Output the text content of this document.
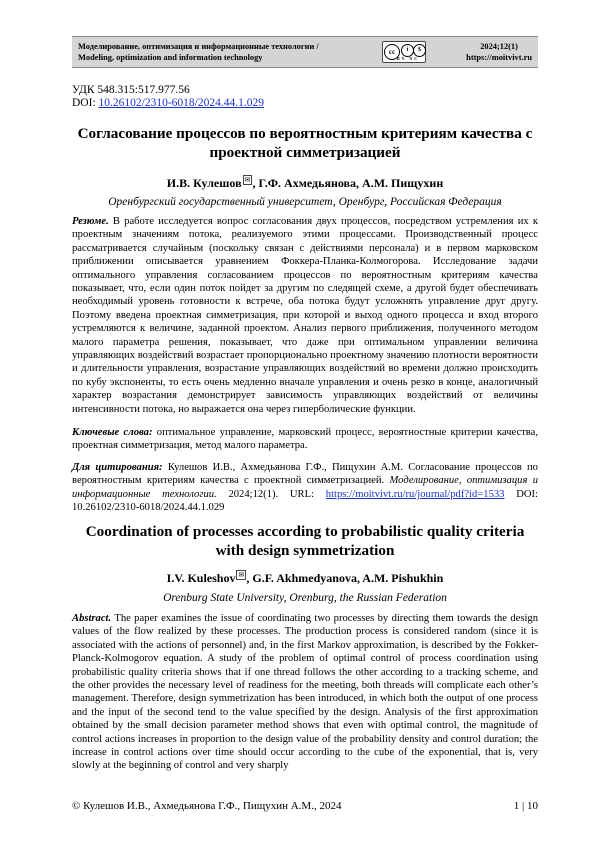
Моделирование, оптимизация и информационные технологии /
Modeling, optimization and information technology
cc	i	$
BY NC
2024;12(1)
https://moitvivt.ru
УДК 548.315:517.977.56
DOI: 10.26102/2310-6018/2024.44.1.029
Согласование процессов по вероятностным критериям качества с проектной симметризацией
И.В. Кулешов ✉ , Г.Ф. Ахмедьянова, А.М. Пищухин
Оренбургский государственный университет, Оренбург, Российская Федерация
Резюме. В работе исследуется вопрос согласования двух процессов, посредством устремления их к проектным значениям потока, реализуемого этими процессами. Производственный процесс рассматривается случайным (поскольку связан с действиями персонала) и в первом марковском приближении описывается уравнением Фоккера-Планка-Колмогорова. Исследование задачи оптимального управления согласованием процессов по вероятностным критериям качества показывает, что, если один поток пойдет за другим по следящей схеме, а другой будет обеспечивать необходимый уровень готовности к встрече, оба потока будут усложнять управление друг другу. Поэтому введена проектная симметризация, при которой и выход одного процесса и вход второго устремляются к величине, заданной проектом. Анализ первого приближения, полученного методом малого параметра решения, показывает, что даже при оптимальном управлении величина управляющих воздействий возрастает пропорционально проектному значению плотности вероятности и длительности управления, возрастание управляющих воздействий во времени должно происходить по кубу экспоненты, то есть очень медленно вначале управления и очень резко в конце, аналогичный характер возрастания демонстрирует зависимость управляющих воздействий от величины интенсивности потока, но выражается она через гиперболические функции.
Ключевые слова: оптимальное управление, марковский процесс, вероятностные критерии качества, проектная симметризация, метод малого параметра.
Для цитирования: Кулешов И.В., Ахмедьянова Г.Ф., Пищухин А.М. Согласование процессов по вероятностным критериям качества с проектной симметризацией. Моделирование, оптимизация и информационные технологии. 2024;12(1). URL: https://moitvivt.ru/ru/journal/pdf?id=1533 DOI: 10.26102/2310-6018/2024.44.1.029
Coordination of processes according to probabilistic quality criteria with design symmetrization
I.V. Kuleshov ✉ , G.F. Akhmedyanova, A.M. Pishukhin
Orenburg State University, Orenburg, the Russian Federation
Abstract. The paper examines the issue of coordinating two processes by directing them towards the design values of the flow realized by these processes. The production process is considered random (since it is associated with the actions of personnel) and, in the first Markov approximation, is described by the Fokker-Planck-Kolmogorov equation. A study of the problem of optimal control of process coordination using probabilistic quality criteria shows that if one thread follows the other according to a tracking scheme, and the other provides the necessary level of readiness for the meeting, both threads will complicate each other’s management. Therefore, design symmetrization has been introduced, in which both the output of one process and the input of the second tend to the value specified by the design. Analysis of the first approximation obtained by the small decision parameter method shows that even with optimal control, the magnitude of control actions increases in proportion to the design value of the probability density and control duration; the increase in control actions over time should occur according to the cube of the exponential, that is, very slowly at the beginning of control and very sharply
© Кулешов И.В., Ахмедьянова Г.Ф., Пищухин А.М., 2024	1 | 10
